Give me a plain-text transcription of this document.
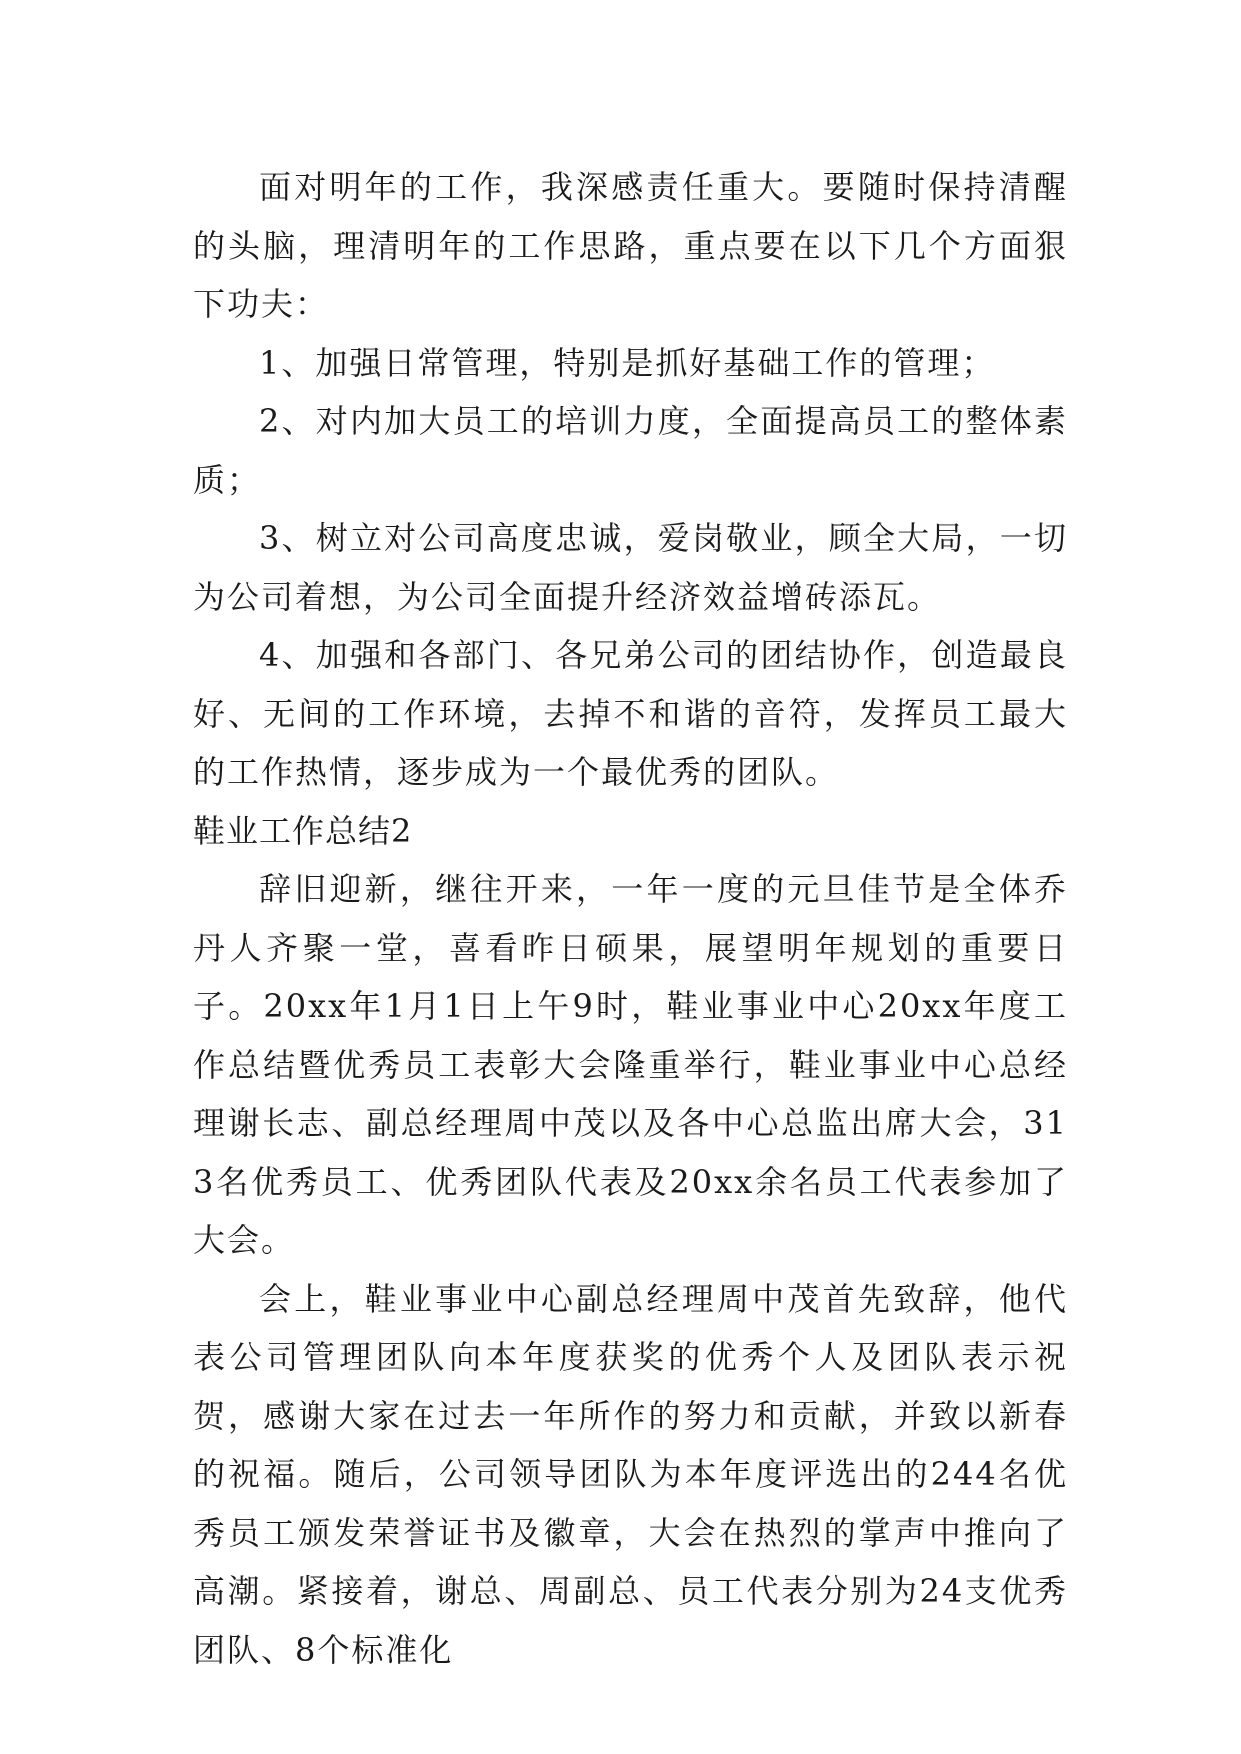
面对明年的工作，我深感责任重大。要随时保持清醒的头脑，理清明年的工作思路，重点要在以下几个方面狠下功夫：

1、加强日常管理，特别是抓好基础工作的管理；

2、对内加大员工的培训力度，全面提高员工的整体素质；

3、树立对公司高度忠诚，爱岗敬业，顾全大局，一切为公司着想，为公司全面提升经济效益增砖添瓦。

4、加强和各部门、各兄弟公司的团结协作，创造最良好、无间的工作环境，去掉不和谐的音符，发挥员工最大的工作热情，逐步成为一个最优秀的团队。

鞋业工作总结2

辞旧迎新，继往开来，一年一度的元旦佳节是全体乔丹人齐聚一堂，喜看昨日硕果，展望明年规划的重要日子。20xx年1月1日上午9时，鞋业事业中心20xx年度工作总结暨优秀员工表彰大会隆重举行，鞋业事业中心总经理谢长志、副总经理周中茂以及各中心总监出席大会，313名优秀员工、优秀团队代表及20xx余名员工代表参加了大会。

会上，鞋业事业中心副总经理周中茂首先致辞，他代表公司管理团队向本年度获奖的优秀个人及团队表示祝贺，感谢大家在过去一年所作的努力和贡献，并致以新春的祝福。随后，公司领导团队为本年度评选出的244名优秀员工颁发荣誉证书及徽章，大会在热烈的掌声中推向了高潮。紧接着，谢总、周副总、员工代表分别为24支优秀团队、8个标准化
